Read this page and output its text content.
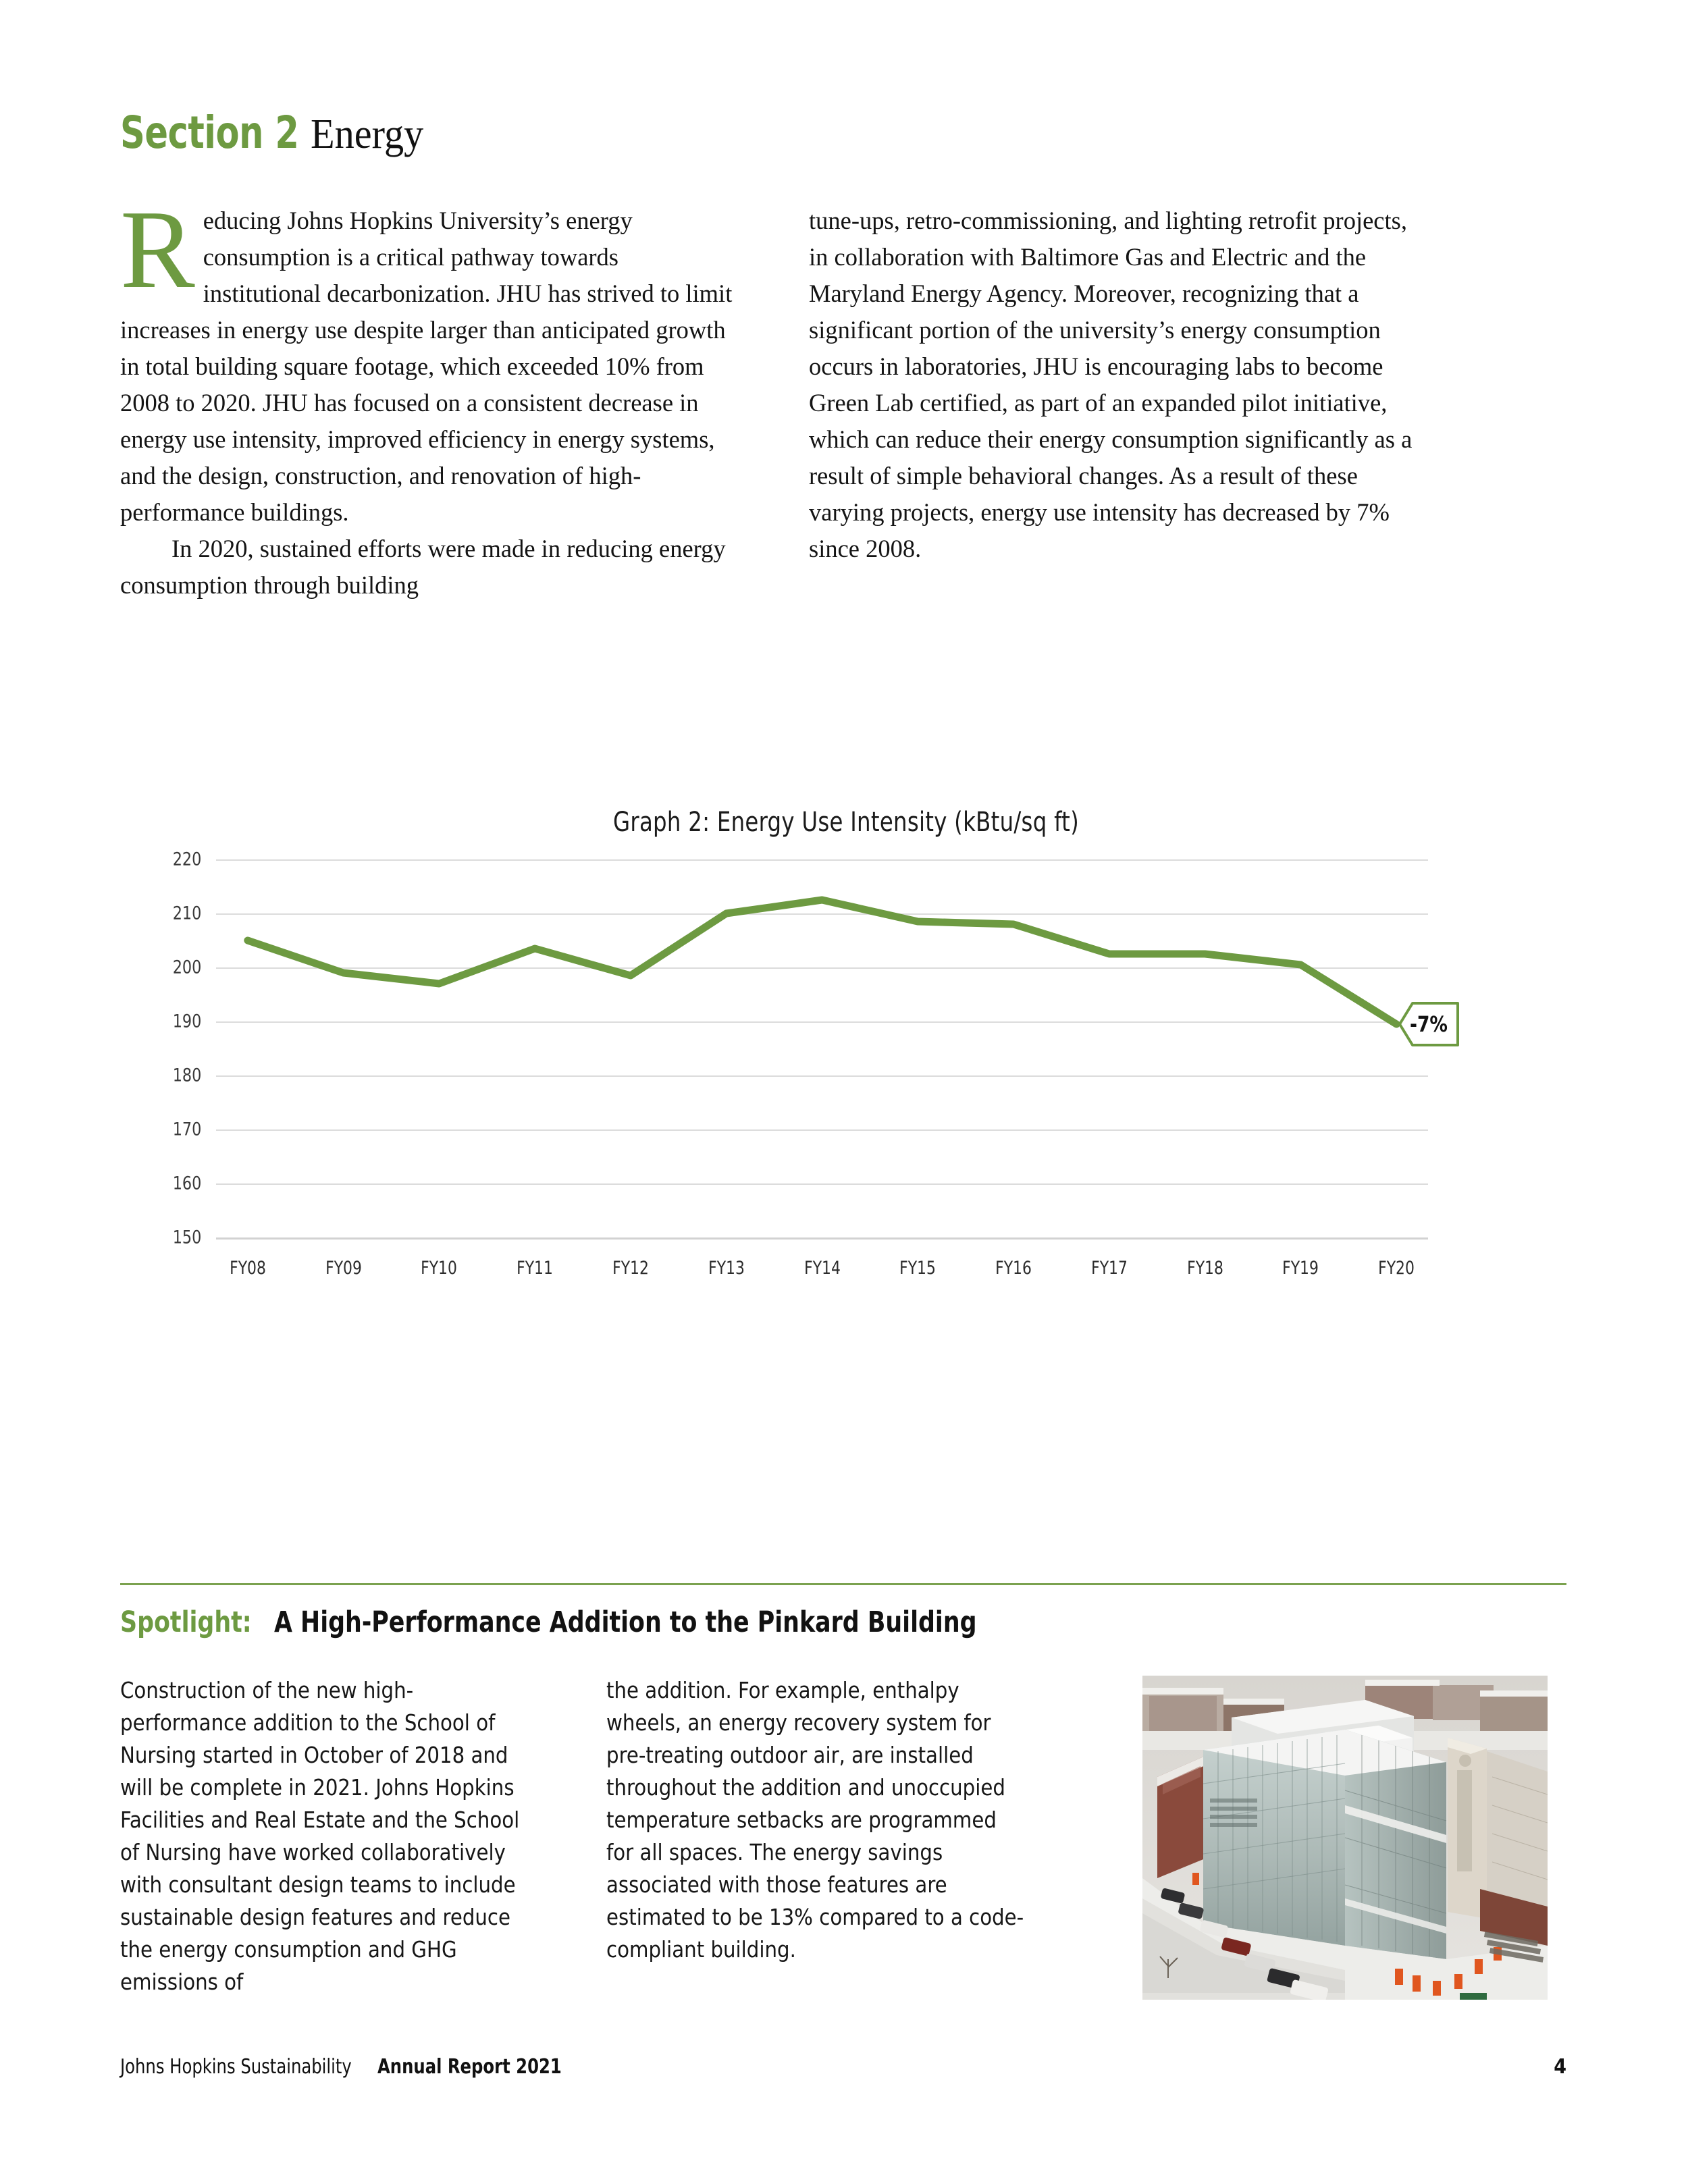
Section 2 Energy
R educing Johns Hopkins University’s energy consumption is a critical pathway towards institutional decarbonization. JHU has strived to limit increases in energy use despite larger than anticipated growth in total building square footage, which exceeded 10% from 2008 to 2020. JHU has focused on a consistent decrease in energy use intensity, improved efficiency in energy systems, and the design, construction, and renovation of high-performance buildings.

In 2020, sustained efforts were made in reducing energy consumption through building

tune-ups, retro-commissioning, and lighting retrofit projects, in collaboration with Baltimore Gas and Electric and the Maryland Energy Agency. Moreover, recognizing that a significant portion of the university’s energy consumption occurs in laboratories, JHU is encouraging labs to become Green Lab certified, as part of an expanded pilot initiative, which can reduce their energy consumption significantly as a result of simple behavioral changes. As a result of these varying projects, energy use intensity has decreased by 7% since 2008.

Graph 2: Energy Use Intensity (kBtu/sq ft)
220
210
200
190
180
170
160
150
FY08	FY09	FY10	FY11	FY12	FY13	FY14	FY15	FY16	FY17	FY18	FY19	FY20
-7%
Spotlight: A High-Performance Addition to the Pinkard Building

Construction of the new high-performance addition to the School of Nursing started in October of 2018 and will be complete in 2021. Johns Hopkins Facilities and Real Estate and the School of Nursing have worked collaboratively with consultant design teams to include sustainable design features and reduce the energy consumption and GHG emissions of

the addition. For example, enthalpy wheels, an energy recovery system for pre-treating outdoor air, are installed throughout the addition and unoccupied temperature setbacks are programmed for all spaces. The energy savings associated with those features are estimated to be 13% compared to a code-compliant building.

Johns Hopkins SustainabilityAnnual Report 2021	4
